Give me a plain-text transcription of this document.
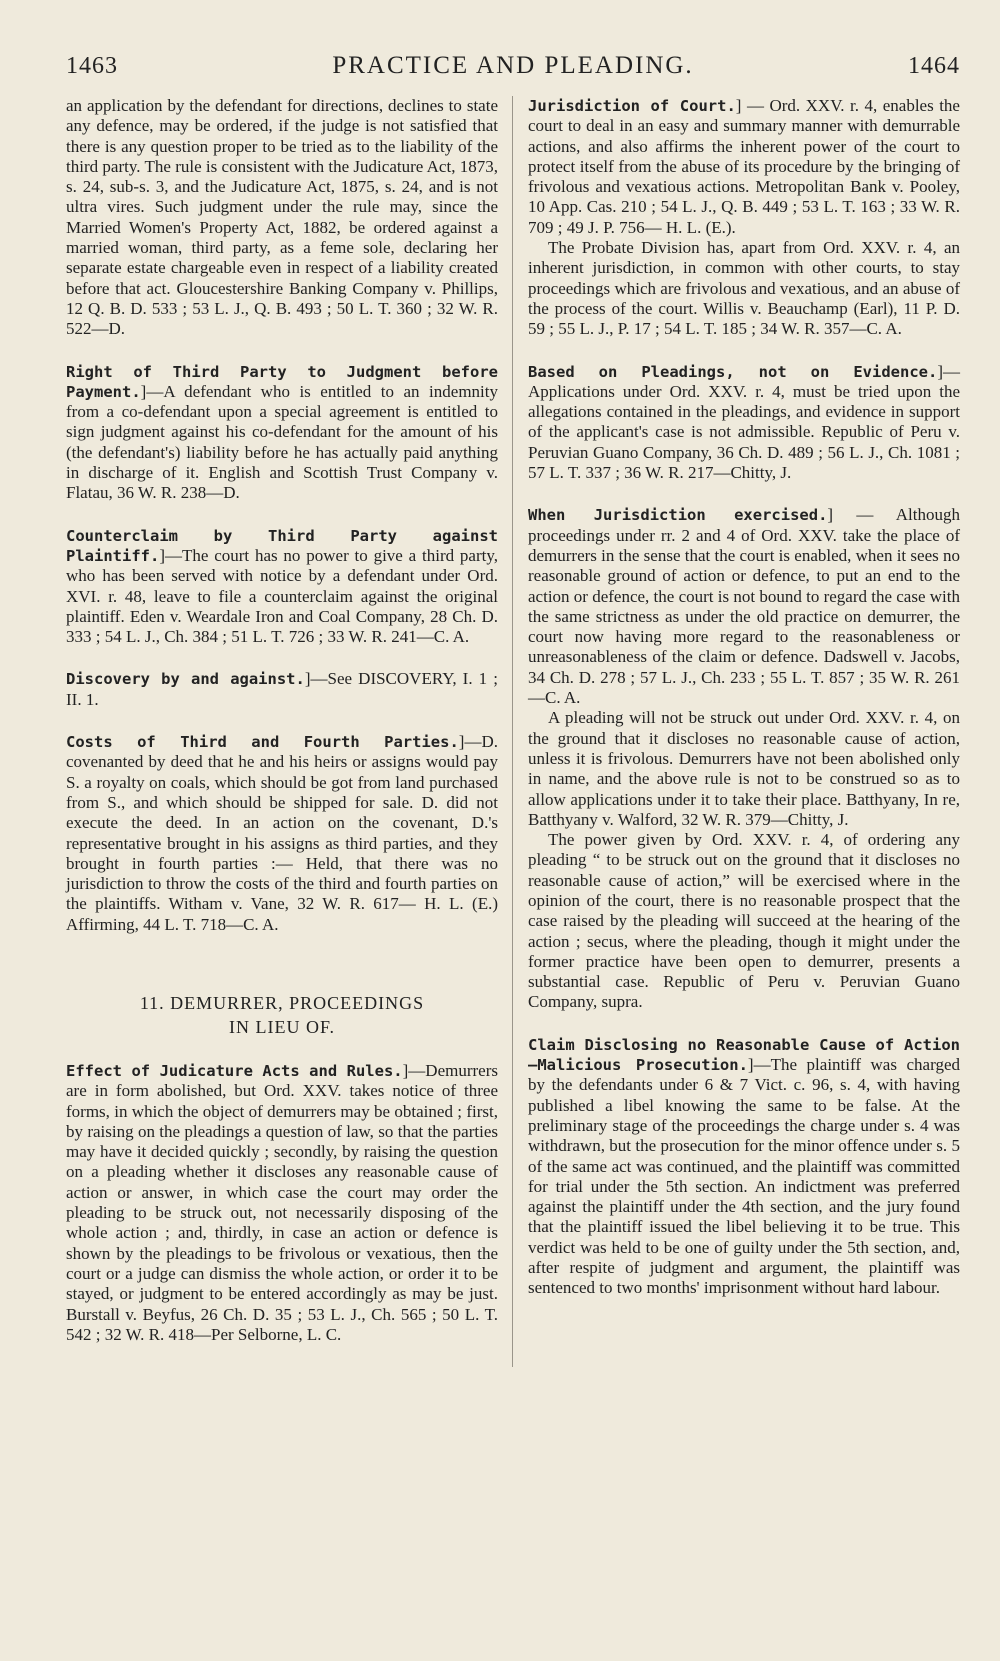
1463	PRACTICE AND PLEADING.	1464
an application by the defendant for directions, declines to state any defence, may be ordered, if the judge is not satisfied that there is any question proper to be tried as to the liability of the third party. The rule is consistent with the Judicature Act, 1873, s. 24, sub-s. 3, and the Judicature Act, 1875, s. 24, and is not ultra vires. Such judgment under the rule may, since the Married Women's Property Act, 1882, be ordered against a married woman, third party, as a feme sole, declaring her separate estate chargeable even in respect of a liability created before that act. Gloucestershire Banking Company v. Phillips, 12 Q. B. D. 533 ; 53 L. J., Q. B. 493 ; 50 L. T. 360 ; 32 W. R. 522—D.

Right of Third Party to Judgment before Payment.]—A defendant who is entitled to an indemnity from a co-defendant upon a special agreement is entitled to sign judgment against his co-defendant for the amount of his (the defendant's) liability before he has actually paid anything in discharge of it. English and Scottish Trust Company v. Flatau, 36 W. R. 238—D.

Counterclaim by Third Party against Plaintiff.]—The court has no power to give a third party, who has been served with notice by a defendant under Ord. XVI. r. 48, leave to file a counterclaim against the original plaintiff. Eden v. Weardale Iron and Coal Company, 28 Ch. D. 333 ; 54 L. J., Ch. 384 ; 51 L. T. 726 ; 33 W. R. 241—C. A.

Discovery by and against.]—See DISCOVERY, I. 1 ; II. 1.

Costs of Third and Fourth Parties.]—D. covenanted by deed that he and his heirs or assigns would pay S. a royalty on coals, which should be got from land purchased from S., and which should be shipped for sale. D. did not execute the deed. In an action on the covenant, D.'s representative brought in his assigns as third parties, and they brought in fourth parties :— Held, that there was no jurisdiction to throw the costs of the third and fourth parties on the plaintiffs. Witham v. Vane, 32 W. R. 617— H. L. (E.) Affirming, 44 L. T. 718—C. A.

11. DEMURRER, PROCEEDINGS
IN LIEU OF.

Effect of Judicature Acts and Rules.]—Demurrers are in form abolished, but Ord. XXV. takes notice of three forms, in which the object of demurrers may be obtained ; first, by raising on the pleadings a question of law, so that the parties may have it decided quickly ; secondly, by raising the question on a pleading whether it discloses any reasonable cause of action or answer, in which case the court may order the pleading to be struck out, not necessarily disposing of the whole action ; and, thirdly, in case an action or defence is shown by the pleadings to be frivolous or vexatious, then the court or a judge can dismiss the whole action, or order it to be stayed, or judgment to be entered accordingly as may be just. Burstall v. Beyfus, 26 Ch. D. 35 ; 53 L. J., Ch. 565 ; 50 L. T. 542 ; 32 W. R. 418—Per Selborne, L. C.

Jurisdiction of Court.] — Ord. XXV. r. 4, enables the court to deal in an easy and summary manner with demurrable actions, and also affirms the inherent power of the court to protect itself from the abuse of its procedure by the bringing of frivolous and vexatious actions. Metropolitan Bank v. Pooley, 10 App. Cas. 210 ; 54 L. J., Q. B. 449 ; 53 L. T. 163 ; 33 W. R. 709 ; 49 J. P. 756— H. L. (E.).

The Probate Division has, apart from Ord. XXV. r. 4, an inherent jurisdiction, in common with other courts, to stay proceedings which are frivolous and vexatious, and an abuse of the process of the court. Willis v. Beauchamp (Earl), 11 P. D. 59 ; 55 L. J., P. 17 ; 54 L. T. 185 ; 34 W. R. 357—C. A.

Based on Pleadings, not on Evidence.]—Applications under Ord. XXV. r. 4, must be tried upon the allegations contained in the pleadings, and evidence in support of the applicant's case is not admissible. Republic of Peru v. Peruvian Guano Company, 36 Ch. D. 489 ; 56 L. J., Ch. 1081 ; 57 L. T. 337 ; 36 W. R. 217—Chitty, J.

When Jurisdiction exercised.] — Although proceedings under rr. 2 and 4 of Ord. XXV. take the place of demurrers in the sense that the court is enabled, when it sees no reasonable ground of action or defence, to put an end to the action or defence, the court is not bound to regard the case with the same strictness as under the old practice on demurrer, the court now having more regard to the reasonableness or unreasonableness of the claim or defence. Dadswell v. Jacobs, 34 Ch. D. 278 ; 57 L. J., Ch. 233 ; 55 L. T. 857 ; 35 W. R. 261—C. A.

A pleading will not be struck out under Ord. XXV. r. 4, on the ground that it discloses no reasonable cause of action, unless it is frivolous. Demurrers have not been abolished only in name, and the above rule is not to be construed so as to allow applications under it to take their place. Batthyany, In re, Batthyany v. Walford, 32 W. R. 379—Chitty, J.

The power given by Ord. XXV. r. 4, of ordering any pleading “ to be struck out on the ground that it discloses no reasonable cause of action,” will be exercised where in the opinion of the court, there is no reasonable prospect that the case raised by the pleading will succeed at the hearing of the action ; secus, where the pleading, though it might under the former practice have been open to demurrer, presents a substantial case. Republic of Peru v. Peruvian Guano Company, supra.

Claim Disclosing no Reasonable Cause of Action —Malicious Prosecution.]—The plaintiff was charged by the defendants under 6 & 7 Vict. c. 96, s. 4, with having published a libel knowing the same to be false. At the preliminary stage of the proceedings the charge under s. 4 was withdrawn, but the prosecution for the minor offence under s. 5 of the same act was continued, and the plaintiff was committed for trial under the 5th section. An indictment was preferred against the plaintiff under the 4th section, and the jury found that the plaintiff issued the libel believing it to be true. This verdict was held to be one of guilty under the 5th section, and, after respite of judgment and argument, the plaintiff was sentenced to two months' imprisonment without hard labour.
